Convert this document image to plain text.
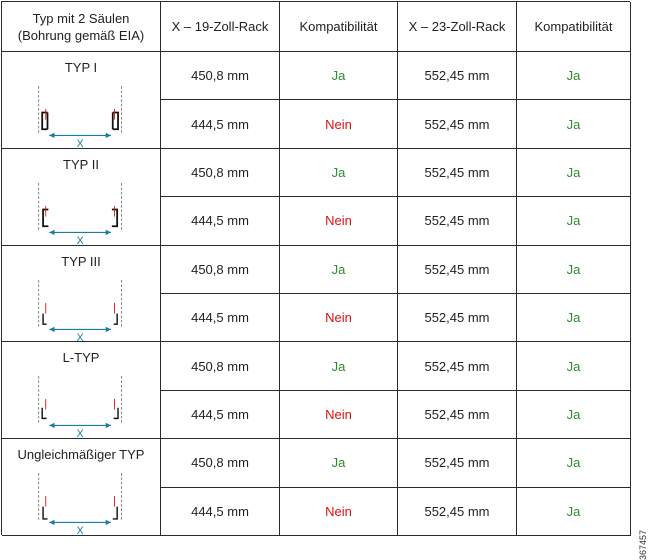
Typ mit 2 Säulen
(Bohrung gemäß EIA)
X – 19-Zoll-Rack	Kompatibilität	X – 23-Zoll-Rack	Kompatibilität
TYP I
X
450,8 mm	Ja	552,45 mm	Ja
444,5 mm	Nein	552,45 mm	Ja
TYP II
X
450,8 mm	Ja	552,45 mm	Ja
444,5 mm	Nein	552,45 mm	Ja
TYP III
X
450,8 mm	Ja	552,45 mm	Ja
444,5 mm	Nein	552,45 mm	Ja
L-TYP
X
450,8 mm	Ja	552,45 mm	Ja
444,5 mm	Nein	552,45 mm	Ja
Ungleichmäßiger TYP
X
450,8 mm	Ja	552,45 mm	Ja
444,5 mm	Nein	552,45 mm	Ja
367457
